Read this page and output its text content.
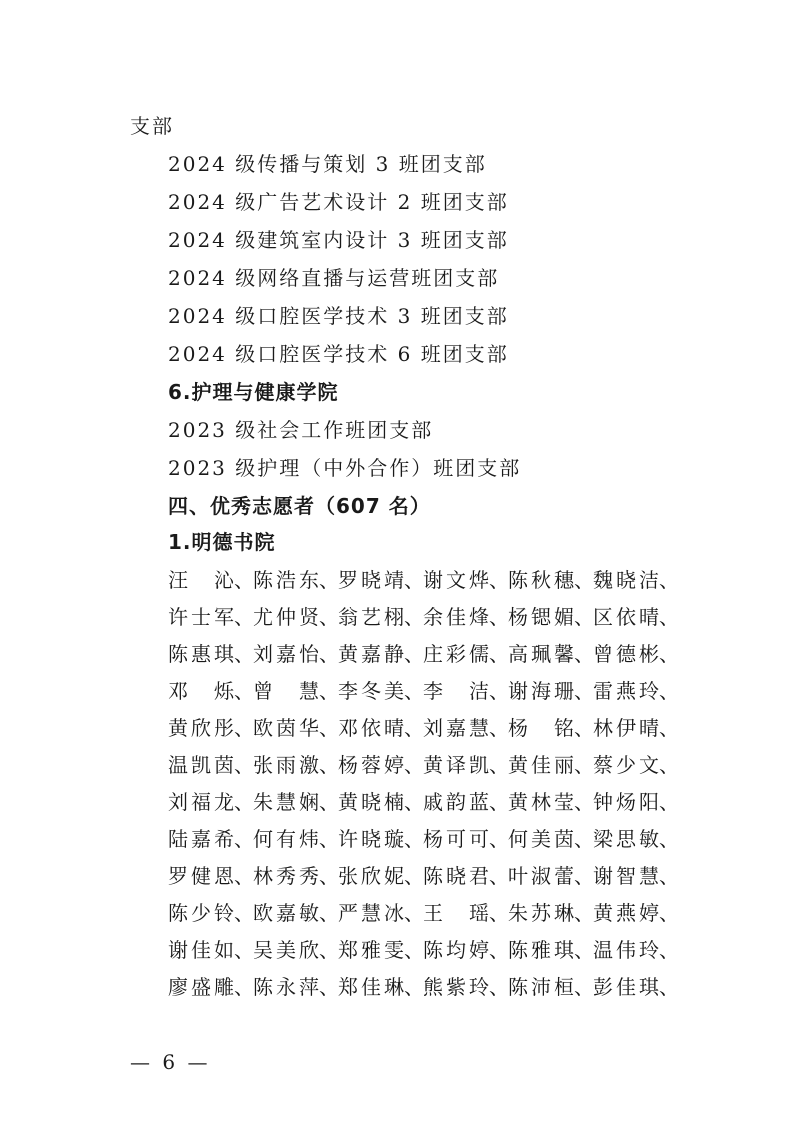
支部
2024 级传播与策划 3 班团支部
2024 级广告艺术设计 2 班团支部
2024 级建筑室内设计 3 班团支部
2024 级网络直播与运营班团支部
2024 级口腔医学技术 3 班团支部
2024 级口腔医学技术 6 班团支部
6.护理与健康学院
2023 级社会工作班团支部
2023 级护理（中外合作）班团支部
四、优秀志愿者（607 名）
1.明德书院
汪 沁 、 陈 浩 东 、 罗 晓 靖 、 谢 文 烨 、 陈 秋 穗 、 魏 晓 洁 、
许 士 军 、 尤 仲 贤 、 翁 艺 栩 、 余 佳 烽 、 杨 锶 媚 、 区 依 晴 、
陈 惠 琪 、 刘 嘉 怡 、 黄 嘉 静 、 庄 彩 儒 、 高 珮 馨 、 曾 德 彬 、
邓 烁 、 曾 慧 、 李 冬 美 、 李 洁 、 谢 海 珊 、 雷 燕 玲 、
黄 欣 彤 、 欧 茵 华 、 邓 依 晴 、 刘 嘉 慧 、 杨 铭 、 林 伊 晴 、
温 凯 茵 、 张 雨 激 、 杨 蓉 婷 、 黄 译 凯 、 黄 佳 丽 、 蔡 少 文 、
刘 福 龙 、 朱 慧 娴 、 黄 晓 楠 、 戚 韵 蓝 、 黄 林 莹 、 钟 炀 阳 、
陆 嘉 希 、 何 有 炜 、 许 晓 璇 、 杨 可 可 、 何 美 茵 、 梁 思 敏 、
罗 健 恩 、 林 秀 秀 、 张 欣 妮 、 陈 晓 君 、 叶 淑 蕾 、 谢 智 慧 、
陈 少 铃 、 欧 嘉 敏 、 严 慧 冰 、 王 瑶 、 朱 苏 琳 、 黄 燕 婷 、
谢 佳 如 、 吴 美 欣 、 郑 雅 雯 、 陈 均 婷 、 陈 雅 琪 、 温 伟 玲 、
廖 盛 雕 、 陈 永 萍 、 郑 佳 琳 、 熊 紫 玲 、 陈 沛 桓 、 彭 佳 琪 、
— 6 —
